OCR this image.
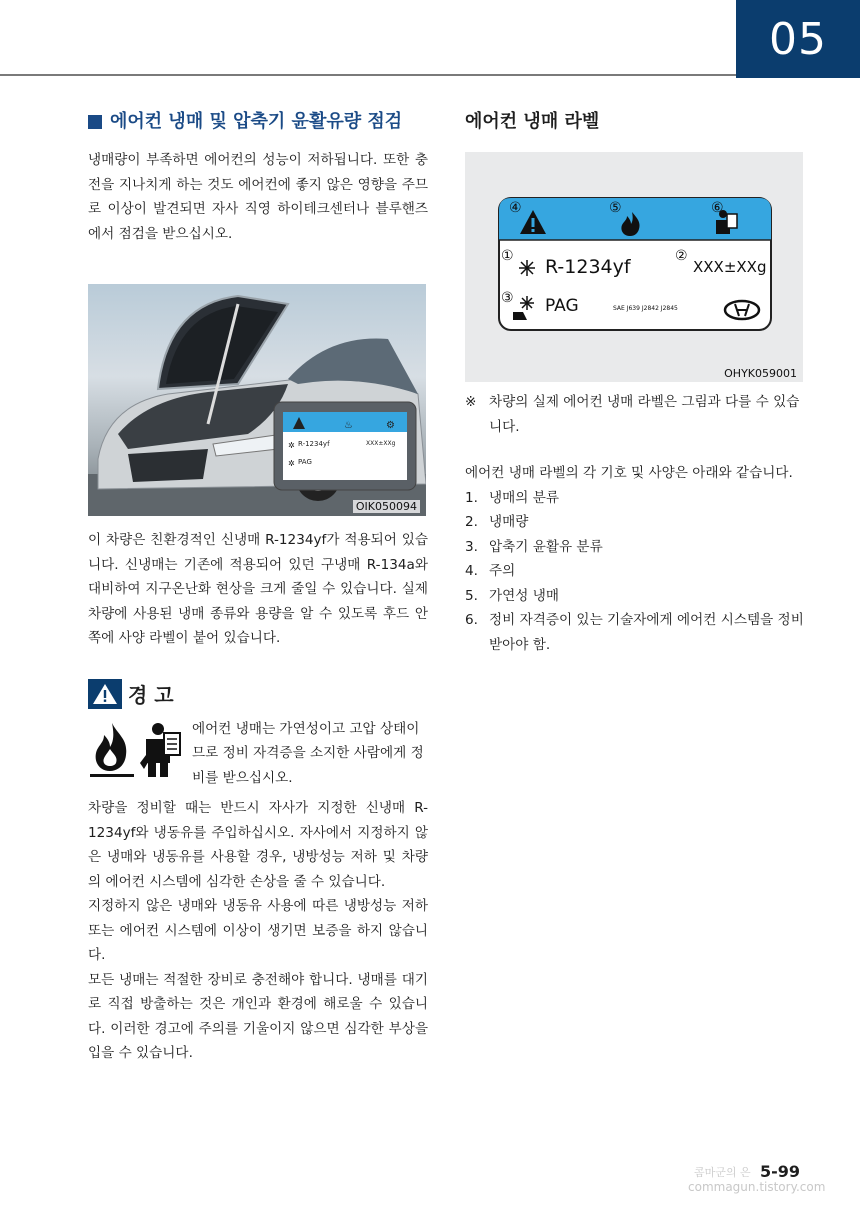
05
에어컨 냉매 및 압축기 윤활유량 점검

냉매량이 부족하면 에어컨의 성능이 저하됩니다. 또한 충전을 지나치게 하는 것도 에어컨에 좋지 않은 영향을 주므로 이상이 발견되면 자사 직영 하이테크센터나 블루핸즈에서 점검을 받으십시오.

♨	⚙
✲
✲
R-1234yf	XXX±XXg
PAG
OIK050094

이 차량은 친환경적인 신냉매 R-1234yf가 적용되어 있습니다. 신냉매는 기존에 적용되어 있던 구냉매 R-134a와 대비하여 지구온난화 현상을 크게 줄일 수 있습니다. 실제 차량에 사용된 냉매 종류와 용량을 알 수 있도록 후드 안쪽에 사양 라벨이 붙어 있습니다.

경 고

에어컨 냉매는 가연성이고 고압 상태이므로 정비 자격증을 소지한 사람에게 정비를 받으십시오.

차량을 정비할 때는 반드시 자사가 지정한 신냉매 R-1234yf와 냉동유를 주입하십시오. 자사에서 지정하지 않은 냉매와 냉동유를 사용할 경우, 냉방성능 저하 및 차량의 에어컨 시스템에 심각한 손상을 줄 수 있습니다.

지정하지 않은 냉매와 냉동유 사용에 따른 냉방성능 저하 또는 에어컨 시스템에 이상이 생기면 보증을 하지 않습니다.

모든 냉매는 적절한 장비로 충전해야 합니다. 냉매를 대기로 직접 방출하는 것은 개인과 환경에 해로울 수 있습니다. 이러한 경고에 주의를 기울이지 않으면 심각한 부상을 입을 수 있습니다.

에어컨 냉매 라벨
④	⑤	⑥
①	②
③
R-1234yf	XXX±XXg
PAG	SAE J639 J2842 J2845
OHYK059001

※ 차량의 실제 에어컨 냉매 라벨은 그림과 다를 수 있습니다.

에어컨 냉매 라벨의 각 기호 및 사양은 아래와 같습니다.

1. 냉매의 분류
2. 냉매량
3. 압축기 윤활유 분류
4. 주의
5. 가연성 냉매
6. 정비 자격증이 있는 기술자에게 에어컨 시스템을 정비 받아야 함.
콤마군의 은 5-99
commagun.tistory.com
